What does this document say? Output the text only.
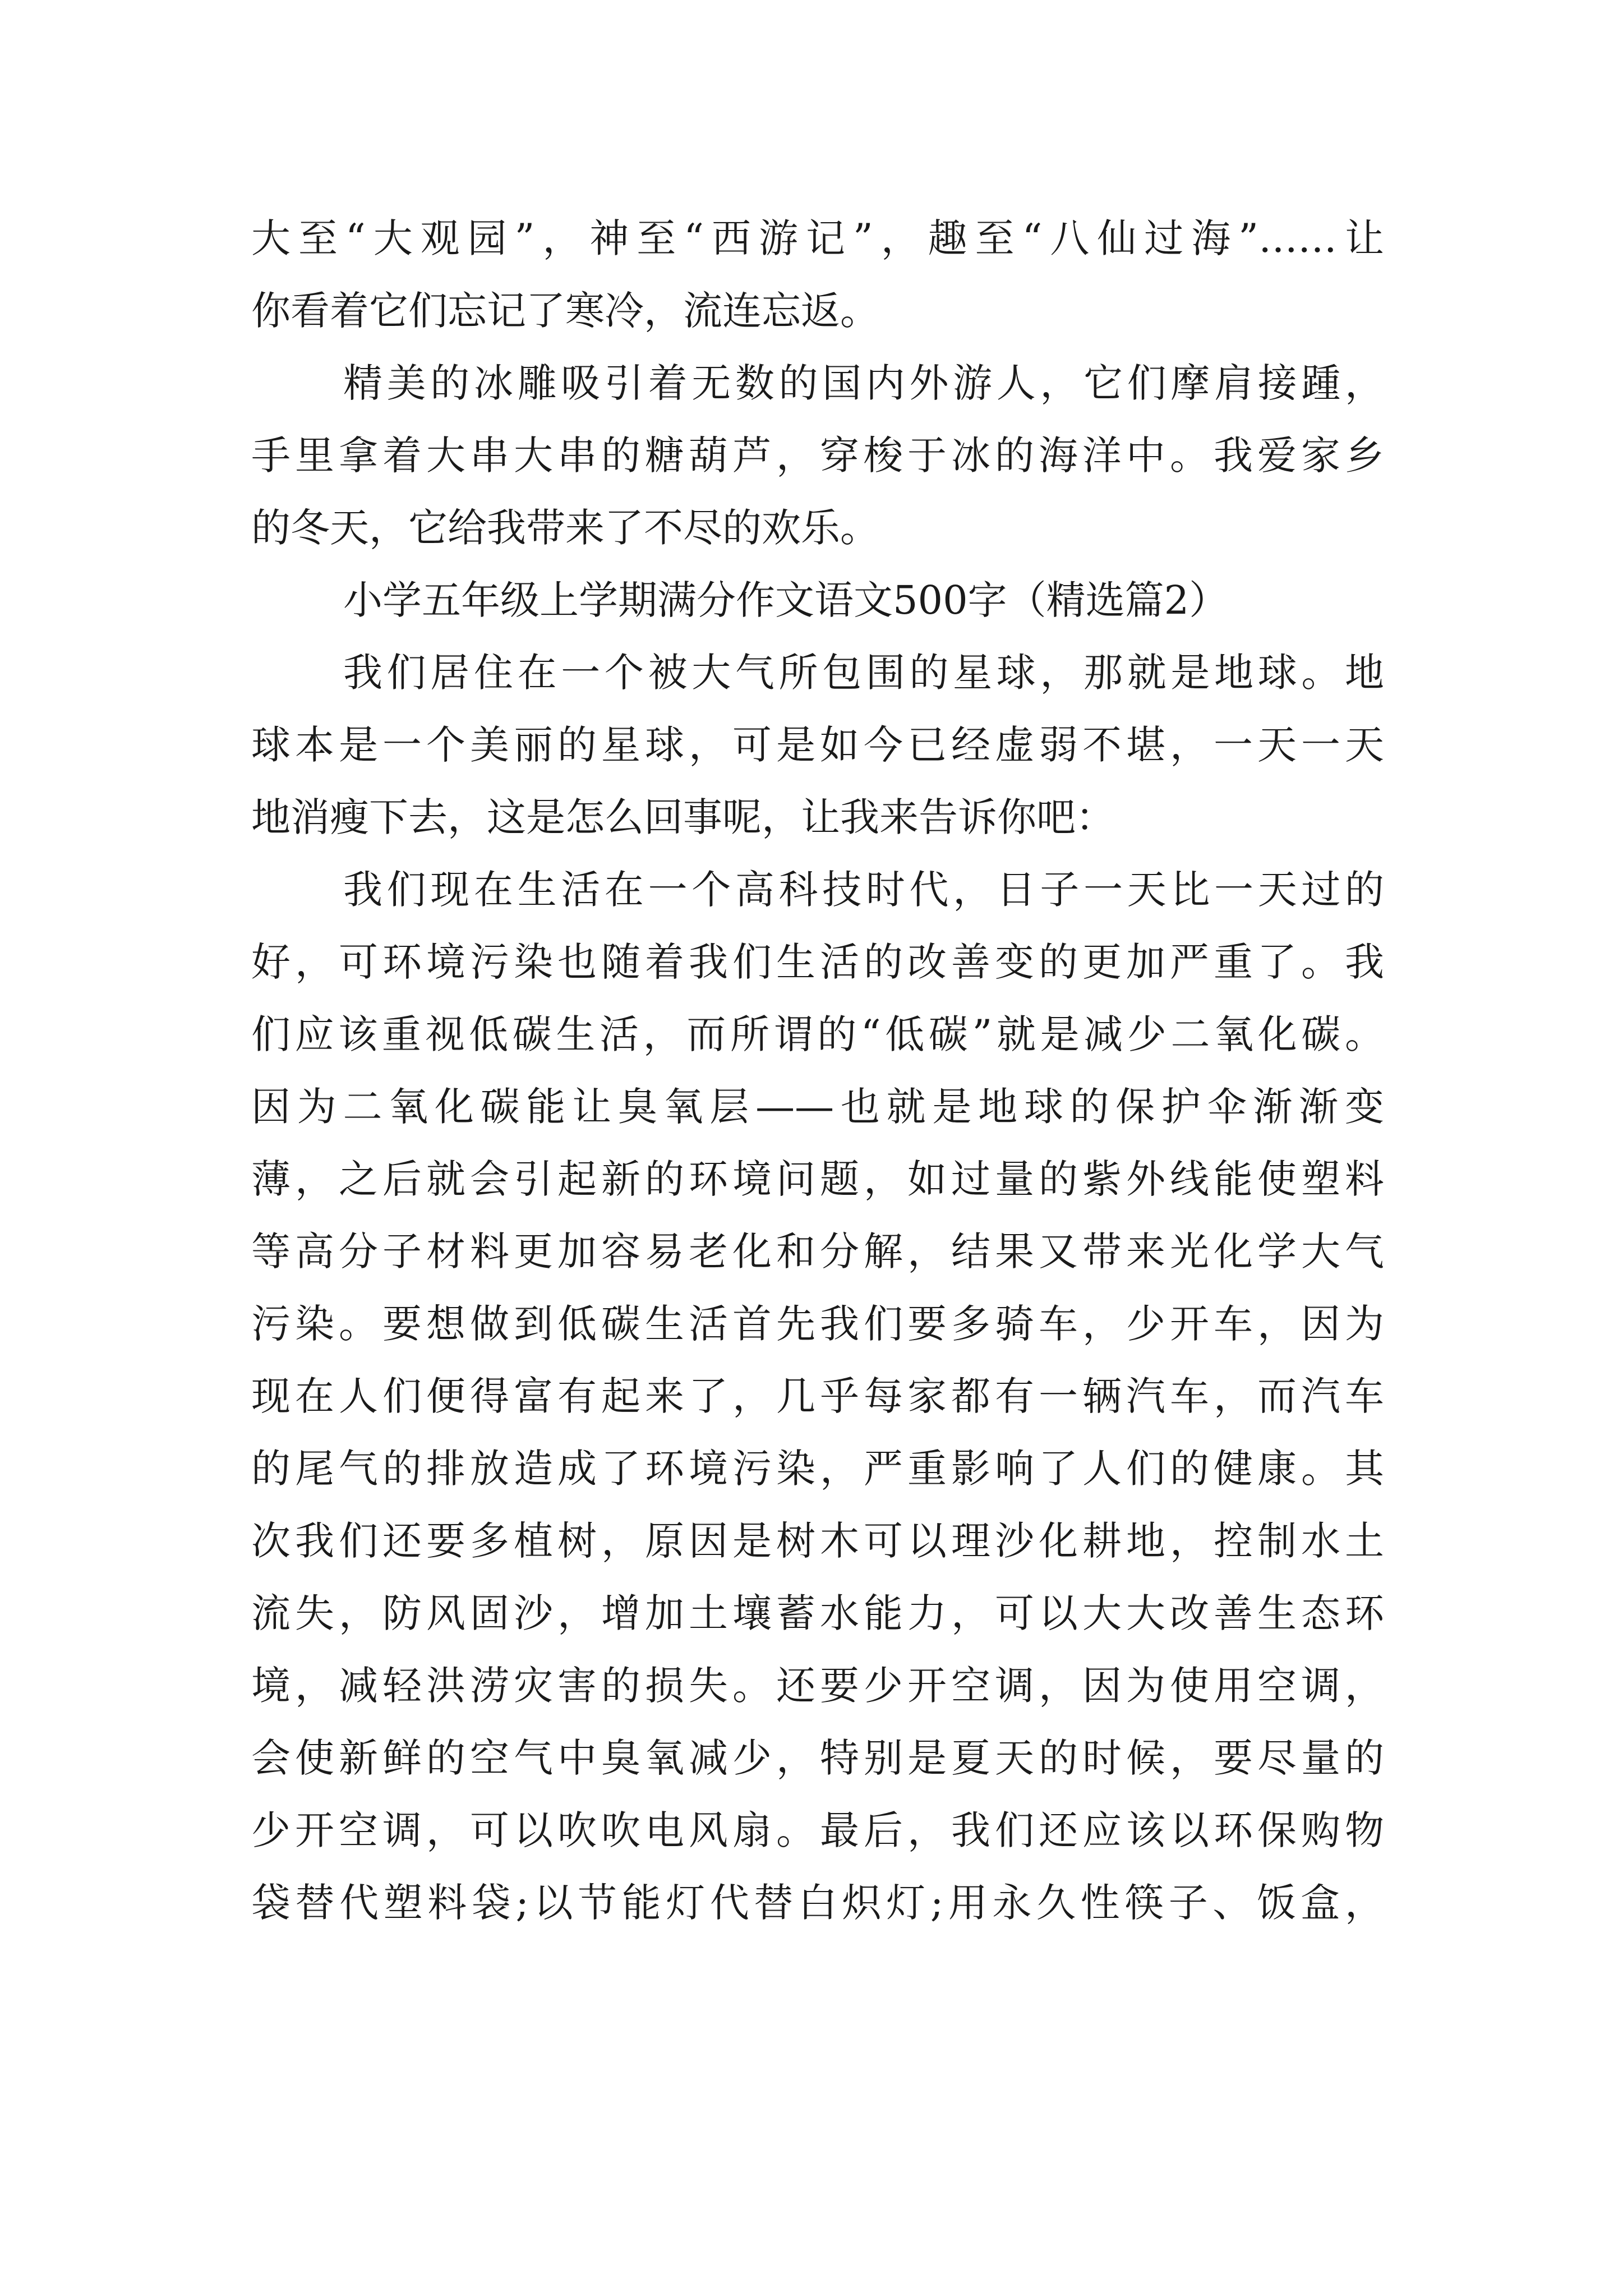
大至“大观园”，神至“西游记”，趣至“八仙过海”……让
你看着它们忘记了寒冷，流连忘返。
精美的冰雕吸引着无数的国内外游人，它们摩肩接踵，
手里拿着大串大串的糖葫芦，穿梭于冰的海洋中。我爱家乡
的冬天，它给我带来了不尽的欢乐。
小学五年级上学期满分作文语文500字（精选篇2）
我们居住在一个被大气所包围的星球，那就是地球。地
球本是一个美丽的星球，可是如今已经虚弱不堪，一天一天
地消瘦下去，这是怎么回事呢，让我来告诉你吧：
我们现在生活在一个高科技时代，日子一天比一天过的
好，可环境污染也随着我们生活的改善变的更加严重了。我
们应该重视低碳生活，而所谓的“低碳”就是减少二氧化碳。
因为二氧化碳能让臭氧层——也就是地球的保护伞渐渐变
薄，之后就会引起新的环境问题，如过量的紫外线能使塑料
等高分子材料更加容易老化和分解，结果又带来光化学大气
污染。要想做到低碳生活首先我们要多骑车，少开车，因为
现在人们便得富有起来了，几乎每家都有一辆汽车，而汽车
的尾气的排放造成了环境污染，严重影响了人们的健康。其
次我们还要多植树，原因是树木可以理沙化耕地，控制水土
流失，防风固沙，增加土壤蓄水能力，可以大大改善生态环
境，减轻洪涝灾害的损失。还要少开空调，因为使用空调，
会使新鲜的空气中臭氧减少，特别是夏天的时候，要尽量的
少开空调，可以吹吹电风扇。最后，我们还应该以环保购物
袋替代塑料袋;以节能灯代替白炽灯;用永久性筷子、饭盒，
